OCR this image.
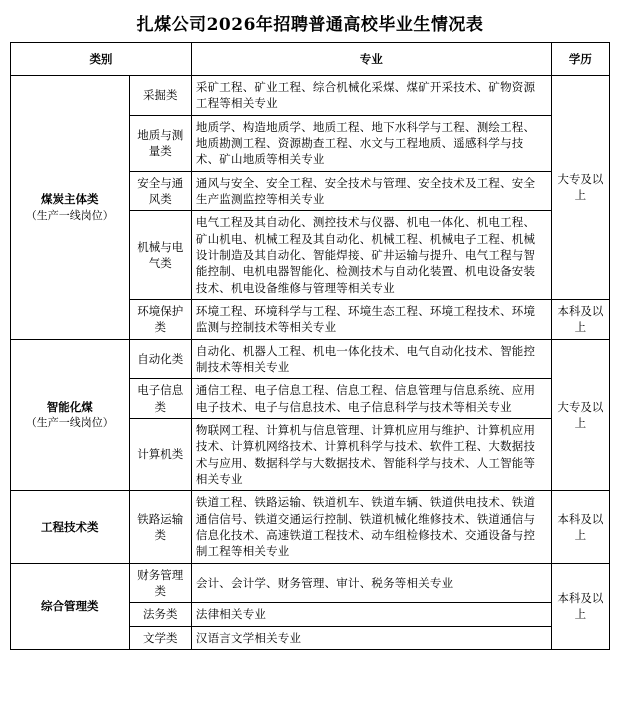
扎煤公司2026年招聘普通高校毕业生情况表
类别		专业	学历
煤炭主体类
（生产一线岗位）	采掘类	采矿工程、矿业工程、综合机械化采煤、煤矿开采技术、矿物资源工程等相关专业	大专及以上
	地质与测量类	地质学、构造地质学、地质工程、地下水科学与工程、测绘工程、地质勘测工程、资源勘查工程、水文与工程地质、遥感科学与技术、矿山地质等相关专业	
	安全与通风类	通风与安全、安全工程、安全技术与管理、安全技术及工程、安全生产监测监控等相关专业	
	机械与电气类	电气工程及其自动化、测控技术与仪器、机电一体化、机电工程、矿山机电、机械工程及其自动化、机械工程、机械电子工程、机械设计制造及其自动化、智能焊接、矿井运输与提升、电气工程与智能控制、电机电器智能化、检测技术与自动化装置、机电设备安装技术、机电设备维修与管理等相关专业	
	环境保护类	环境工程、环境科学与工程、环境生态工程、环境工程技术、环境监测与控制技术等相关专业	本科及以上
智能化煤
（生产一线岗位）	自动化类	自动化、机器人工程、机电一体化技术、电气自动化技术、智能控制技术等相关专业	大专及以上
	电子信息类	通信工程、电子信息工程、信息工程、信息管理与信息系统、应用电子技术、电子与信息技术、电子信息科学与技术等相关专业	
	计算机类	物联网工程、计算机与信息管理、计算机应用与维护、计算机应用技术、计算机网络技术、计算机科学与技术、软件工程、大数据技术与应用、数据科学与大数据技术、智能科学与技术、人工智能等相关专业	
工程技术类	铁路运输类	铁道工程、铁路运输、铁道机车、铁道车辆、铁道供电技术、铁道通信信号、铁道交通运行控制、铁道机械化维修技术、铁道通信与信息化技术、高速铁道工程技术、动车组检修技术、交通设备与控制工程等相关专业	本科及以上
综合管理类	财务管理类	会计、会计学、财务管理、审计、税务等相关专业	本科及以上
	法务类	法律相关专业	
	文学类	汉语言文学相关专业	
